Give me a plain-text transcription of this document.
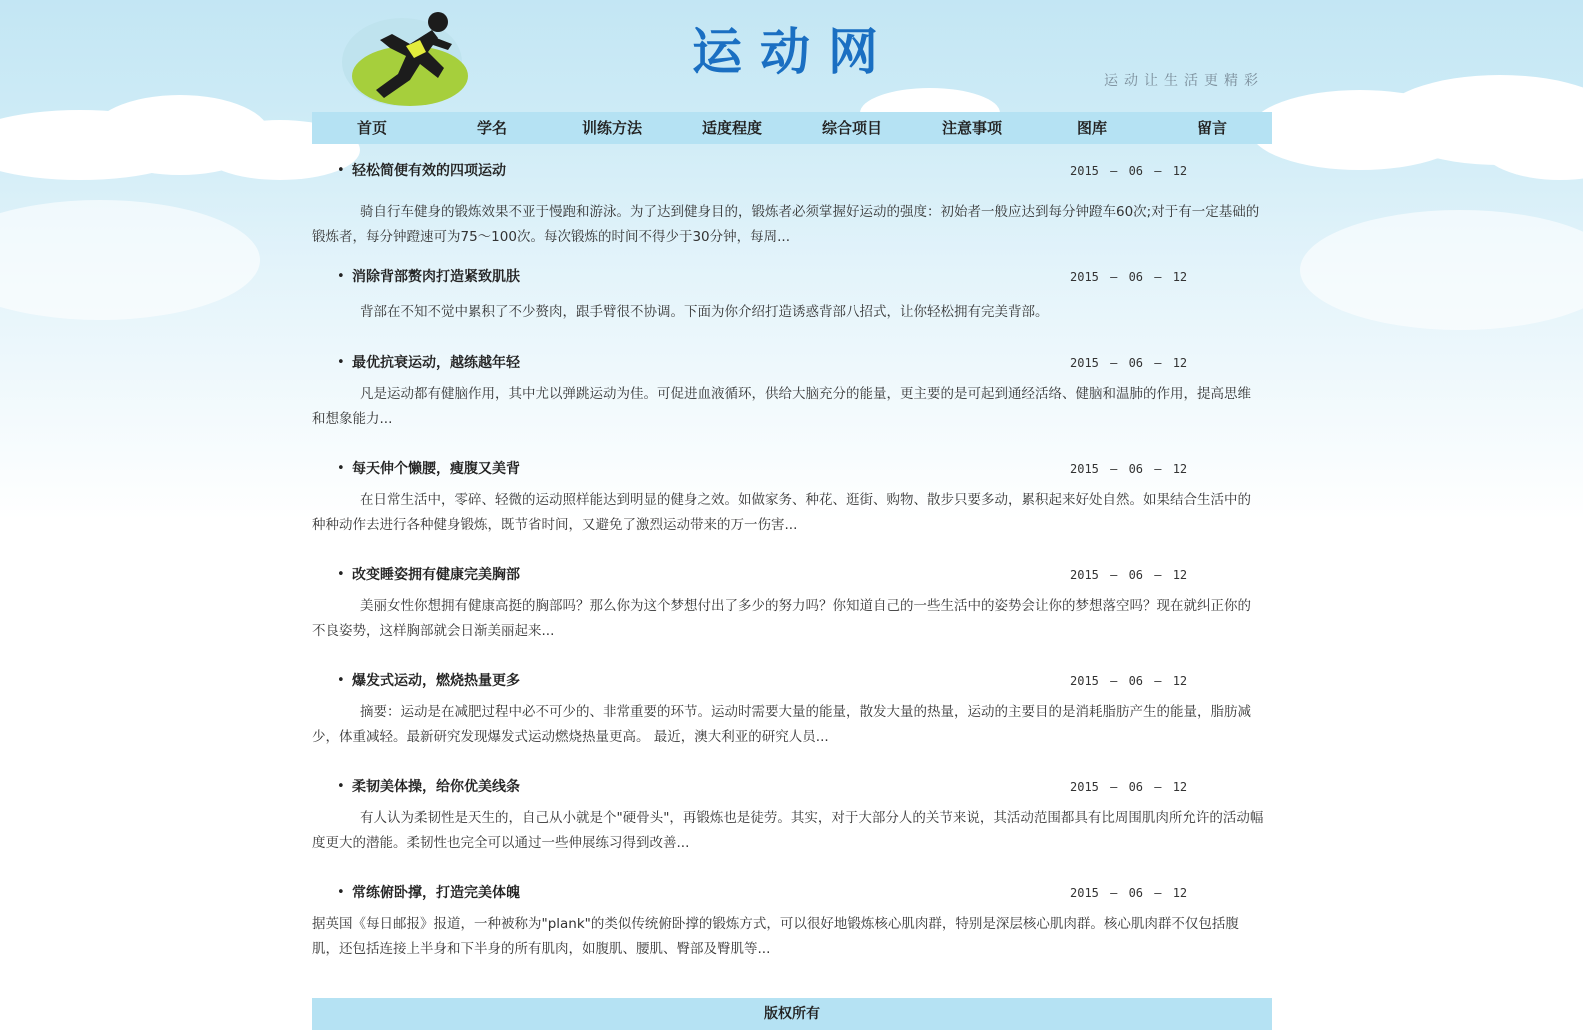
运动网	运动让生活更精彩
首页	学名	训练方法	适度程度	综合项目	注意事项	图库	留言
• 轻松简便有效的四项运动	2015 — 06 — 12

骑自行车健身的锻炼效果不亚于慢跑和游泳。为了达到健身目的，锻炼者必须掌握好运动的强度：初始者一般应达到每分钟蹬车60次;对于有一定基础的锻炼者，每分钟蹬速可为75～100次。每次锻炼的时间不得少于30分钟，每周...

• 消除背部赘肉打造紧致肌肤	2015 — 06 — 12

背部在不知不觉中累积了不少赘肉，跟手臂很不协调。下面为你介绍打造诱惑背部八招式，让你轻松拥有完美背部。

• 最优抗衰运动，越练越年轻	2015 — 06 — 12

凡是运动都有健脑作用，其中尤以弹跳运动为佳。可促进血液循环，供给大脑充分的能量，更主要的是可起到通经活络、健脑和温肺的作用，提高思维和想象能力...

• 每天伸个懒腰，瘦腹又美背	2015 — 06 — 12

在日常生活中，零碎、轻微的运动照样能达到明显的健身之效。如做家务、种花、逛街、购物、散步只要多动，累积起来好处自然。如果结合生活中的种种动作去进行各种健身锻炼，既节省时间，又避免了激烈运动带来的万一伤害...

• 改变睡姿拥有健康完美胸部	2015 — 06 — 12

美丽女性你想拥有健康高挺的胸部吗？那么你为这个梦想付出了多少的努力吗？你知道自己的一些生活中的姿势会让你的梦想落空吗？现在就纠正你的不良姿势，这样胸部就会日渐美丽起来...

• 爆发式运动，燃烧热量更多	2015 — 06 — 12

摘要：运动是在减肥过程中必不可少的、非常重要的环节。运动时需要大量的能量，散发大量的热量，运动的主要目的是消耗脂肪产生的能量，脂肪减少，体重减轻。最新研究发现爆发式运动燃烧热量更高。 最近，澳大利亚的研究人员...

• 柔韧美体操，给你优美线条	2015 — 06 — 12

有人认为柔韧性是天生的，自己从小就是个"硬骨头"，再锻炼也是徒劳。其实，对于大部分人的关节来说，其活动范围都具有比周围肌肉所允许的活动幅度更大的潜能。柔韧性也完全可以通过一些伸展练习得到改善...

• 常练俯卧撑，打造完美体魄	2015 — 06 — 12

据英国《每日邮报》报道，一种被称为"plank"的类似传统俯卧撑的锻炼方式，可以很好地锻炼核心肌肉群，特别是深层核心肌肉群。核心肌肉群不仅包括腹肌，还包括连接上半身和下半身的所有肌肉，如腹肌、腰肌、臀部及臀肌等...

版权所有
